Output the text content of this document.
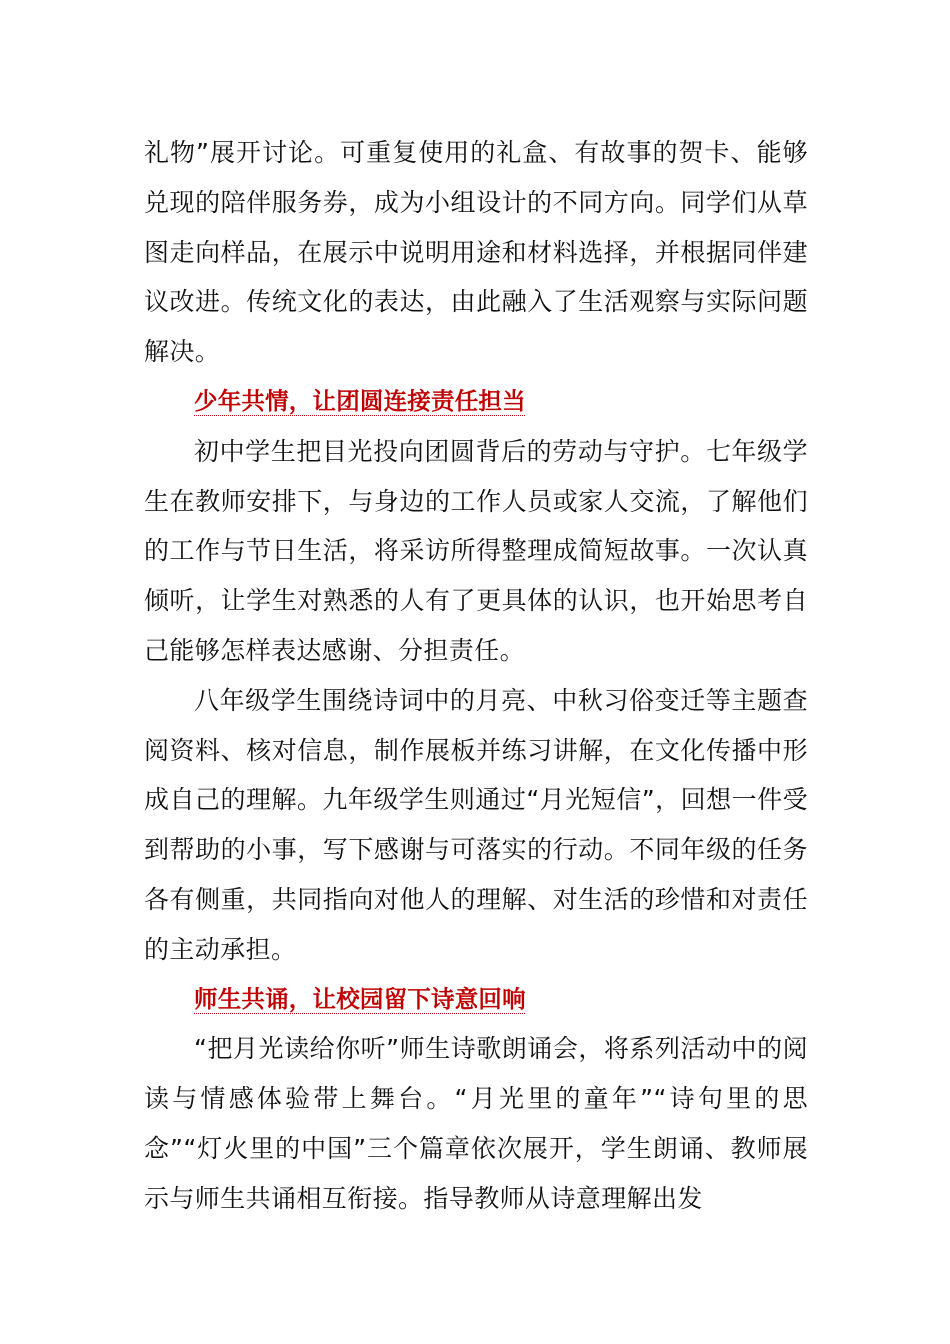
礼物”展开讨论。可重复使用的礼盒、有故事的贺卡、能够兑现的陪伴服务券，成为小组设计的不同方向。同学们从草图走向样品，在展示中说明用途和材料选择，并根据同伴建议改进。传统文化的表达，由此融入了生活观察与实际问题解决。

少年共情，让团圆连接责任担当

初中学生把目光投向团圆背后的劳动与守护。七年级学生在教师安排下，与身边的工作人员或家人交流，了解他们的工作与节日生活，将采访所得整理成简短故事。一次认真倾听，让学生对熟悉的人有了更具体的认识，也开始思考自己能够怎样表达感谢、分担责任。

八年级学生围绕诗词中的月亮、中秋习俗变迁等主题查阅资料、核对信息，制作展板并练习讲解，在文化传播中形成自己的理解。九年级学生则通过“月光短信”，回想一件受到帮助的小事，写下感谢与可落实的行动。不同年级的任务各有侧重，共同指向对他人的理解、对生活的珍惜和对责任的主动承担。

师生共诵，让校园留下诗意回响

“把月光读给你听”师生诗歌朗诵会，将系列活动中的阅读与情感体验带上舞台。“月光里的童年”“诗句里的思念”“灯火里的中国”三个篇章依次展开，学生朗诵、教师展示与师生共诵相互衔接。指导教师从诗意理解出发
